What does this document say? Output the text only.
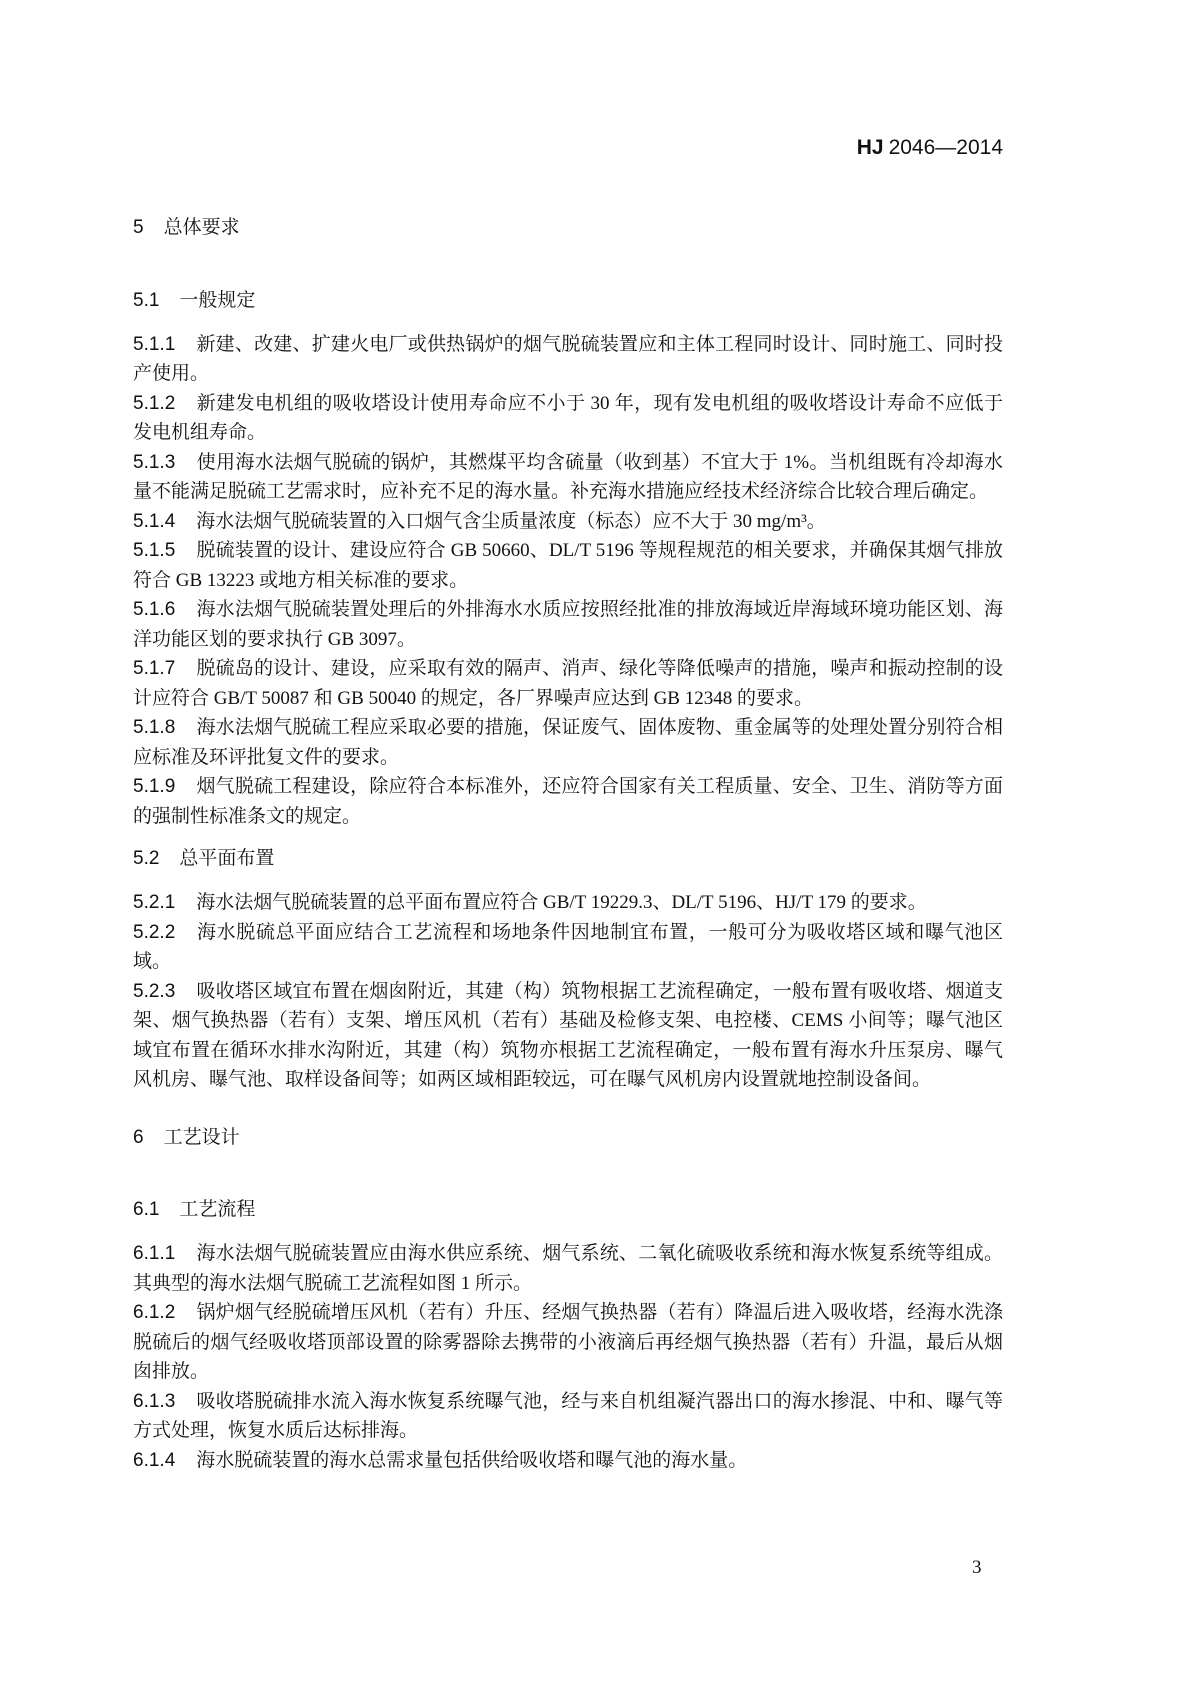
HJ 2046—2014
5 总体要求
5.1 一般规定

5.1.1 新建、改建、扩建火电厂或供热锅炉的烟气脱硫装置应和主体工程同时设计、同时施工、同时投产使用。

5.1.2 新建发电机组的吸收塔设计使用寿命应不小于 30 年，现有发电机组的吸收塔设计寿命不应低于发电机组寿命。

5.1.3 使用海水法烟气脱硫的锅炉，其燃煤平均含硫量（收到基）不宜大于 1%。当机组既有冷却海水量不能满足脱硫工艺需求时，应补充不足的海水量。补充海水措施应经技术经济综合比较合理后确定。

5.1.4 海水法烟气脱硫装置的入口烟气含尘质量浓度（标态）应不大于 30 mg/m³。

5.1.5 脱硫装置的设计、建设应符合 GB 50660、DL/T 5196 等规程规范的相关要求，并确保其烟气排放符合 GB 13223 或地方相关标准的要求。

5.1.6 海水法烟气脱硫装置处理后的外排海水水质应按照经批准的排放海域近岸海域环境功能区划、海洋功能区划的要求执行 GB 3097。

5.1.7 脱硫岛的设计、建设，应采取有效的隔声、消声、绿化等降低噪声的措施，噪声和振动控制的设计应符合 GB/T 50087 和 GB 50040 的规定，各厂界噪声应达到 GB 12348 的要求。

5.1.8 海水法烟气脱硫工程应采取必要的措施，保证废气、固体废物、重金属等的处理处置分别符合相应标准及环评批复文件的要求。

5.1.9 烟气脱硫工程建设，除应符合本标准外，还应符合国家有关工程质量、安全、卫生、消防等方面的强制性标准条文的规定。

5.2 总平面布置

5.2.1 海水法烟气脱硫装置的总平面布置应符合 GB/T 19229.3、DL/T 5196、HJ/T 179 的要求。

5.2.2 海水脱硫总平面应结合工艺流程和场地条件因地制宜布置，一般可分为吸收塔区域和曝气池区域。

5.2.3 吸收塔区域宜布置在烟囱附近，其建（构）筑物根据工艺流程确定，一般布置有吸收塔、烟道支架、烟气换热器（若有）支架、增压风机（若有）基础及检修支架、电控楼、CEMS 小间等；曝气池区域宜布置在循环水排水沟附近，其建（构）筑物亦根据工艺流程确定，一般布置有海水升压泵房、曝气风机房、曝气池、取样设备间等；如两区域相距较远，可在曝气风机房内设置就地控制设备间。

6 工艺设计
6.1 工艺流程

6.1.1 海水法烟气脱硫装置应由海水供应系统、烟气系统、二氧化硫吸收系统和海水恢复系统等组成。其典型的海水法烟气脱硫工艺流程如图 1 所示。

6.1.2 锅炉烟气经脱硫增压风机（若有）升压、经烟气换热器（若有）降温后进入吸收塔，经海水洗涤脱硫后的烟气经吸收塔顶部设置的除雾器除去携带的小液滴后再经烟气换热器（若有）升温，最后从烟囱排放。

6.1.3 吸收塔脱硫排水流入海水恢复系统曝气池，经与来自机组凝汽器出口的海水掺混、中和、曝气等方式处理，恢复水质后达标排海。

6.1.4 海水脱硫装置的海水总需求量包括供给吸收塔和曝气池的海水量。

3
